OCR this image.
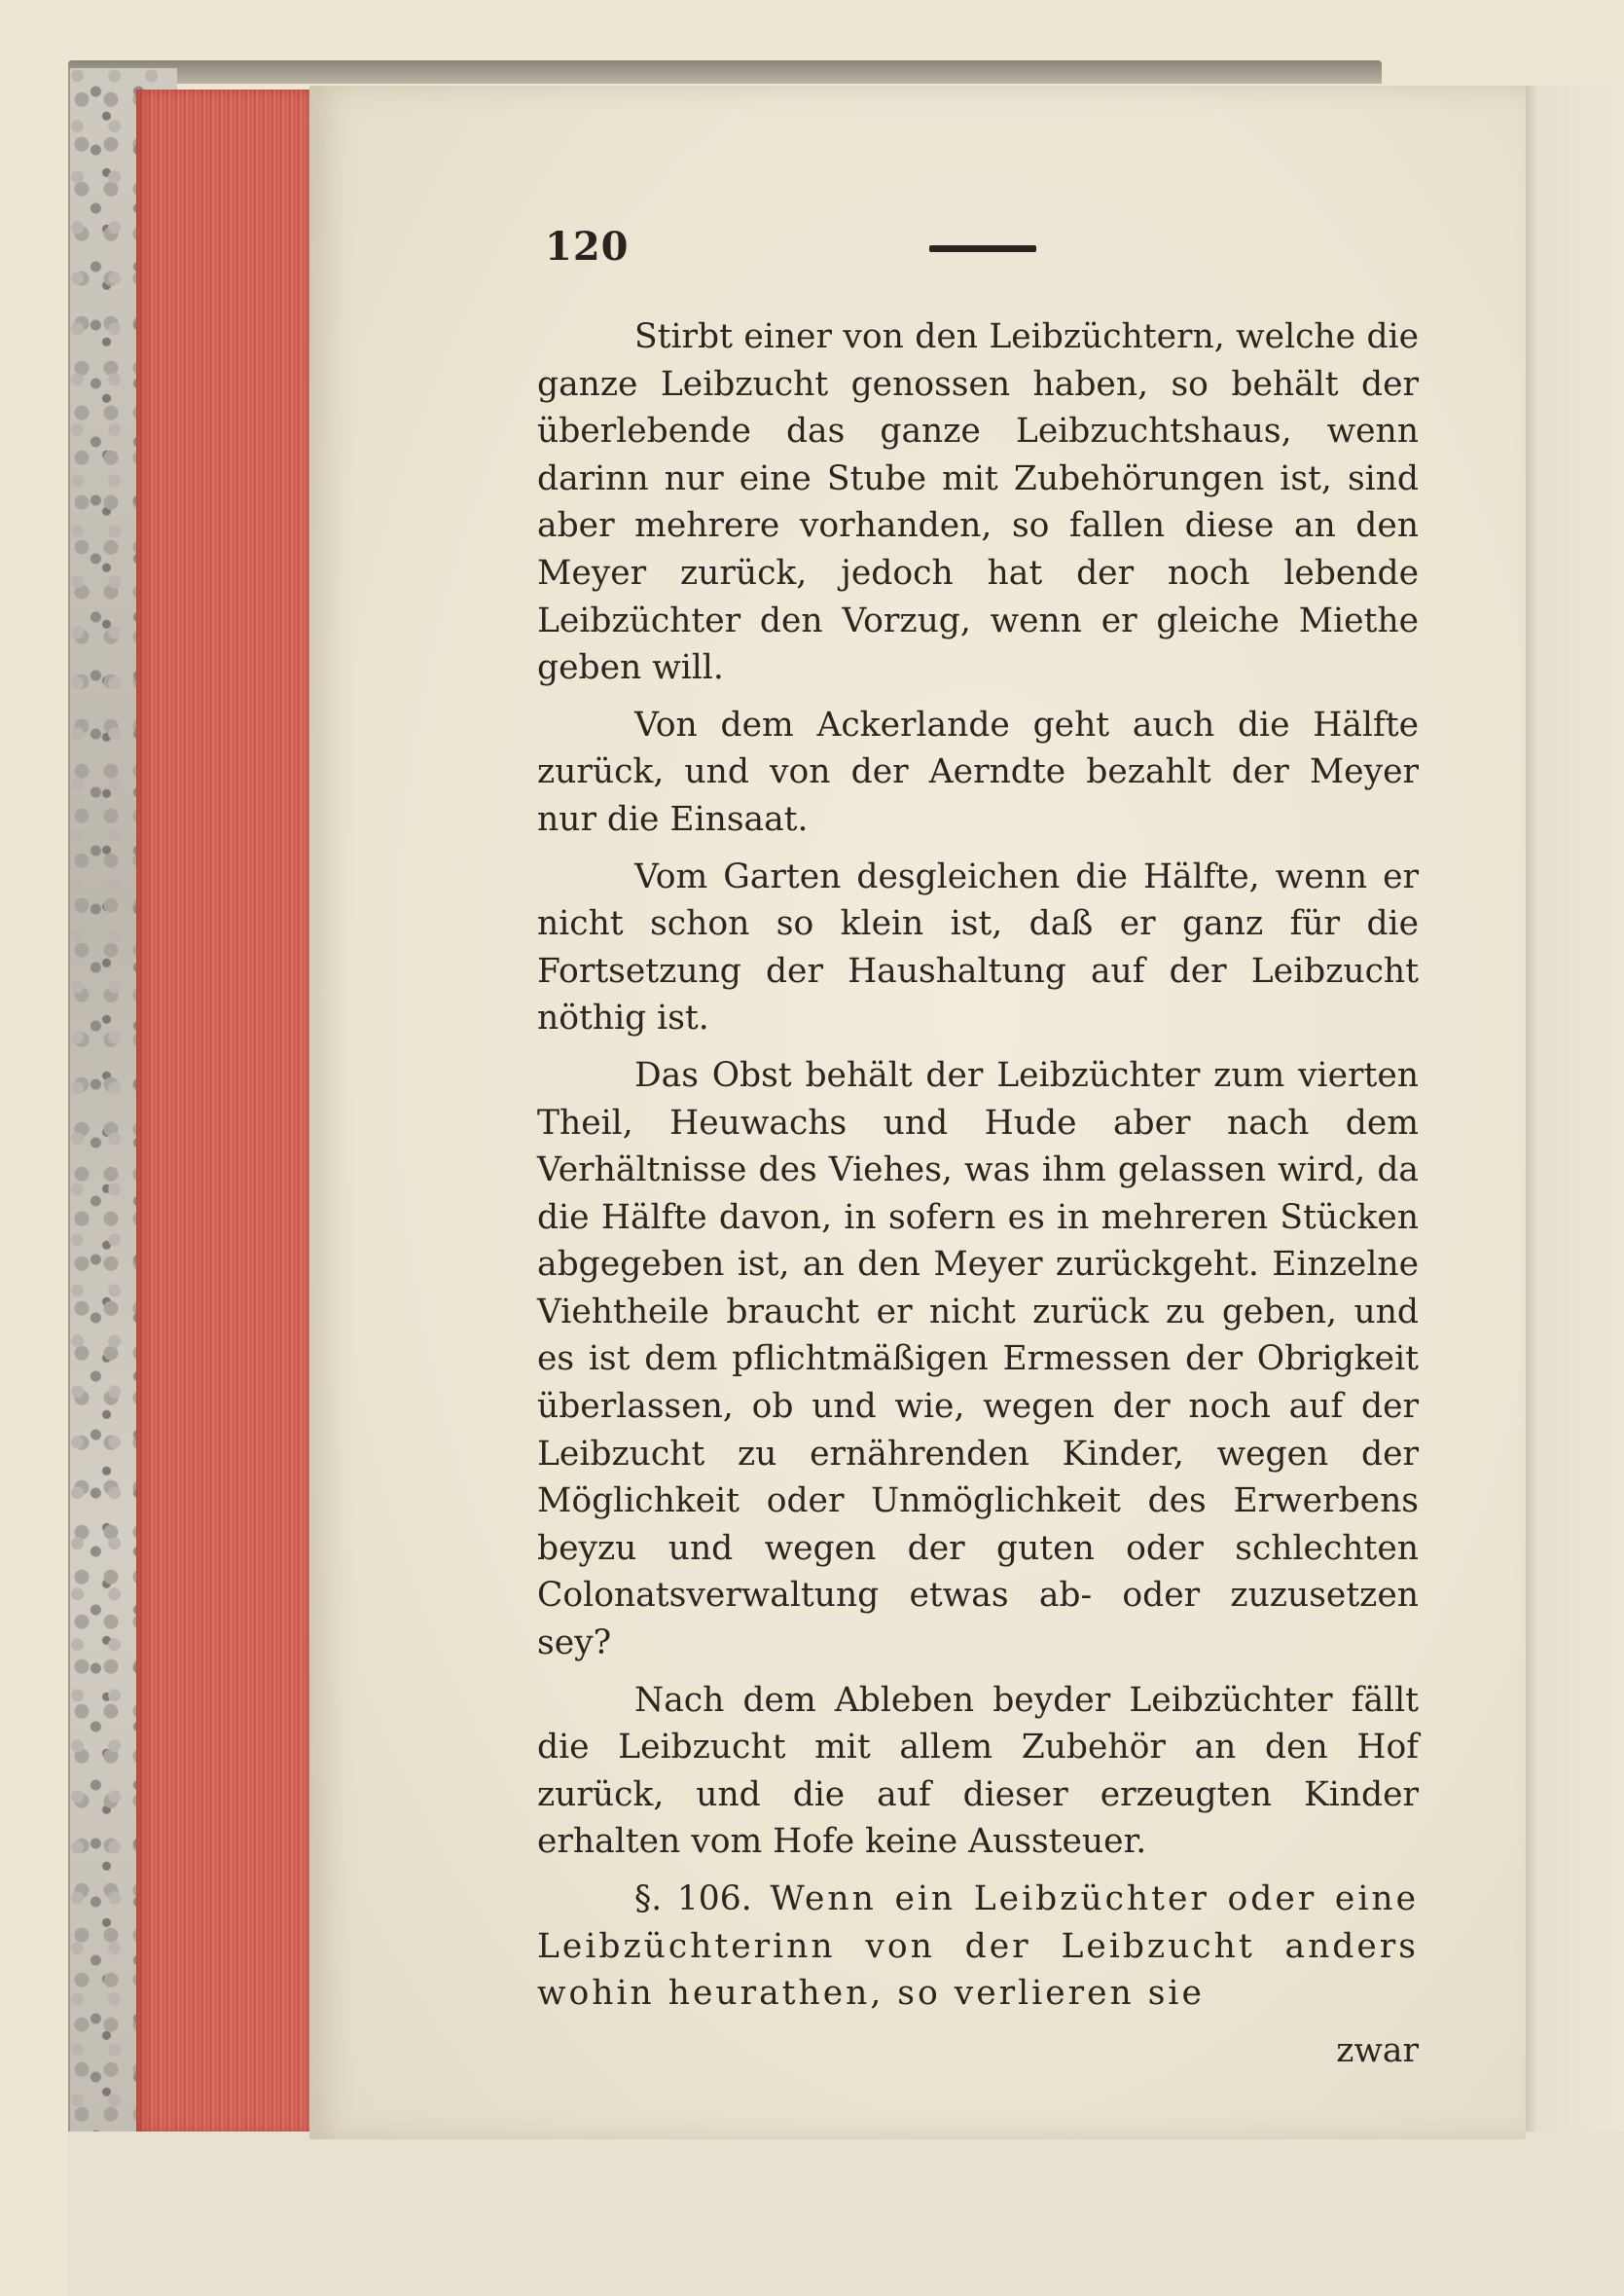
120

Stirbt einer von den Leibzüchtern, welche die ganze Leibzucht genossen haben, so behält der überlebende das ganze Leibzuchtshaus, wenn darinn nur eine Stube mit Zubehörungen ist, sind aber mehrere vorhanden, so fallen diese an den Meyer zurück, jedoch hat der noch lebende Leibzüchter den Vorzug, wenn er gleiche Miethe geben will.

Von dem Ackerlande geht auch die Hälfte zurück, und von der Aerndte bezahlt der Meyer nur die Einsaat.

Vom Garten desgleichen die Hälfte, wenn er nicht schon so klein ist, daß er ganz für die Fortsetzung der Haushaltung auf der Leibzucht nöthig ist.

Das Obst behält der Leibzüchter zum vierten Theil, Heuwachs und Hude aber nach dem Verhältnisse des Viehes, was ihm gelassen wird, da die Hälfte davon, in sofern es in mehreren Stücken abgegeben ist, an den Meyer zurückgeht. Einzelne Viehtheile braucht er nicht zurück zu geben, und es ist dem pflichtmäßigen Ermessen der Obrigkeit überlassen, ob und wie, wegen der noch auf der Leibzucht zu ernährenden Kinder, wegen der Möglichkeit oder Unmöglichkeit des Erwerbens beyzu und wegen der guten oder schlechten Colonatsverwaltung etwas ab- oder zuzusetzen sey?

Nach dem Ableben beyder Leibzüchter fällt die Leibzucht mit allem Zubehör an den Hof zurück, und die auf dieser erzeugten Kinder erhalten vom Hofe keine Aussteuer.

§. 106. Wenn ein Leibzüchter oder eine Leibzüchterinn von der Leibzucht anders wohin heurathen, so verlieren sie

zwar
